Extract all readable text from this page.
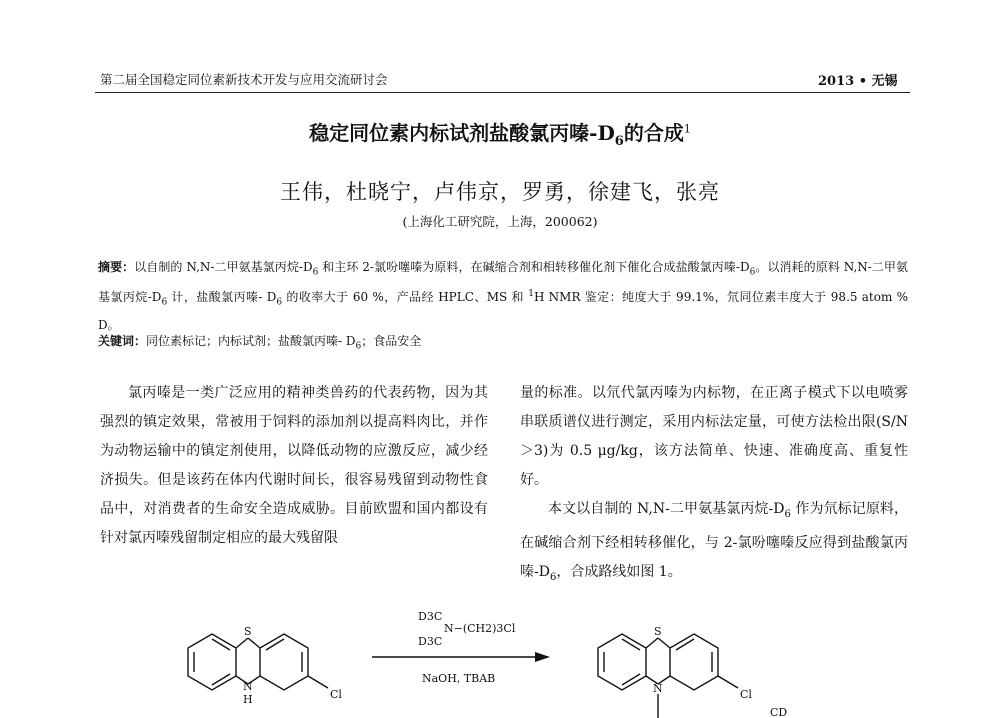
第二届全国稳定同位素新技术开发与应用交流研讨会	2013 • 无锡
稳定同位素内标试剂盐酸氯丙嗪$-D_6$的合成$^1$
王伟，杜晓宁，卢伟京，罗勇，徐建飞，张亮
(上海化工研究院，上海，200062)
摘要：以自制的 N,N-二甲氨基氯丙烷$-D_6$ 和主环 2-氯吩噻嗪为原料，在碱缩合剂和相转移催化剂下催化合成盐酸氯丙嗪$-D_6$。以消耗的原料 N,N-二甲氨基氯丙烷$-D_6$ 计，盐酸氯丙嗪- $D_6$ 的收率大于 60 %，产品经 HPLC、MS 和 $^1$H NMR 鉴定：纯度大于 99.1%，氘同位素丰度大于 98.5 atom % D。
关键词：同位素标记；内标试剂；盐酸氯丙嗪- $D_6$；食品安全

氯丙嗪是一类广泛应用的精神类兽药的代表药物，因为其强烈的镇定效果，常被用于饲料的添加剂以提高料肉比，并作为动物运输中的镇定剂使用，以降低动物的应激反应，减少经济损失。但是该药在体内代谢时间长，很容易残留到动物性食品中，对消费者的生命安全造成威胁。目前欧盟和国内都设有针对氯丙嗪残留制定相应的最大残留限

量的标准。以氘代氯丙嗪为内标物，在正离子模式下以电喷雾串联质谱仪进行测定，采用内标法定量，可使方法检出限(S/N＞3)为 0.5 μg/kg，该方法简单、快速、准确度高、重复性好。

本文以自制的 N,N-二甲氨基氯丙烷$-D_6$ 作为氘标记原料，在碱缩合剂下经相转移催化，与 2-氯吩噻嗪反应得到盐酸氯丙嗪$-D_6$，合成路线如图 1。

S
N
H	Cl
D3C
N−(CH2)3Cl
D3C
NaOH, TBAB
S
N	Cl
CD
